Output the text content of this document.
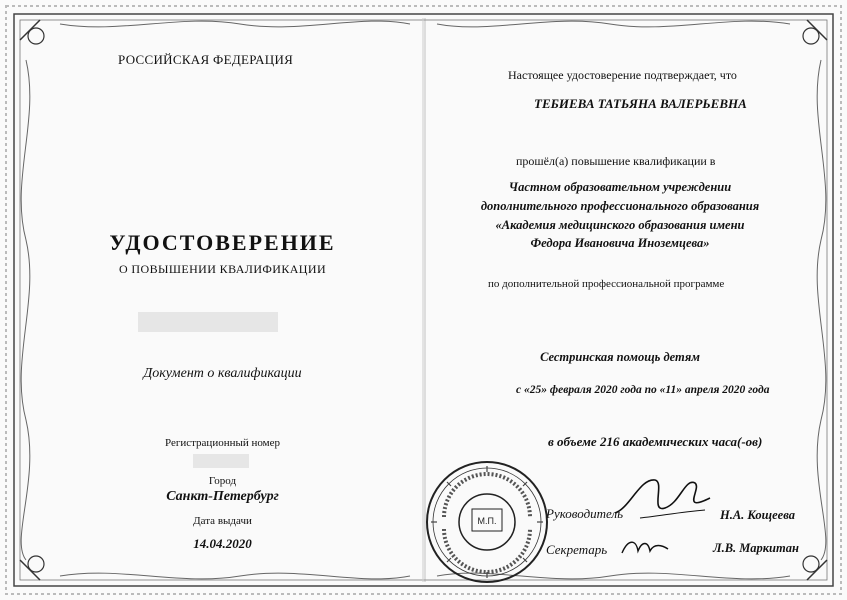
РОССИЙСКАЯ ФЕДЕРАЦИЯ
УДОСТОВЕРЕНИЕ
О ПОВЫШЕНИИ КВАЛИФИКАЦИИ
Документ о квалификации
Регистрационный номер
Город
Санкт-Петербург
Дата выдачи
14.04.2020
Настоящее удостоверение подтверждает, что
ТЕБИЕВА ТАТЬЯНА ВАЛЕРЬЕВНА
прошёл(а) повышение квалификации в
Частном образовательном учреждении
дополнительного профессионального образования
«Академия медицинского образования имени
Федора Ивановича Иноземцева»
по дополнительной профессиональной программе
Сестринская помощь детям
с «25» февраля 2020 года по «11» апреля 2020 года
в объеме 216 академических часа(-ов)
Руководитель	Н.А. Кощеева
Секретарь	Л.В. Маркитан
М.П.
